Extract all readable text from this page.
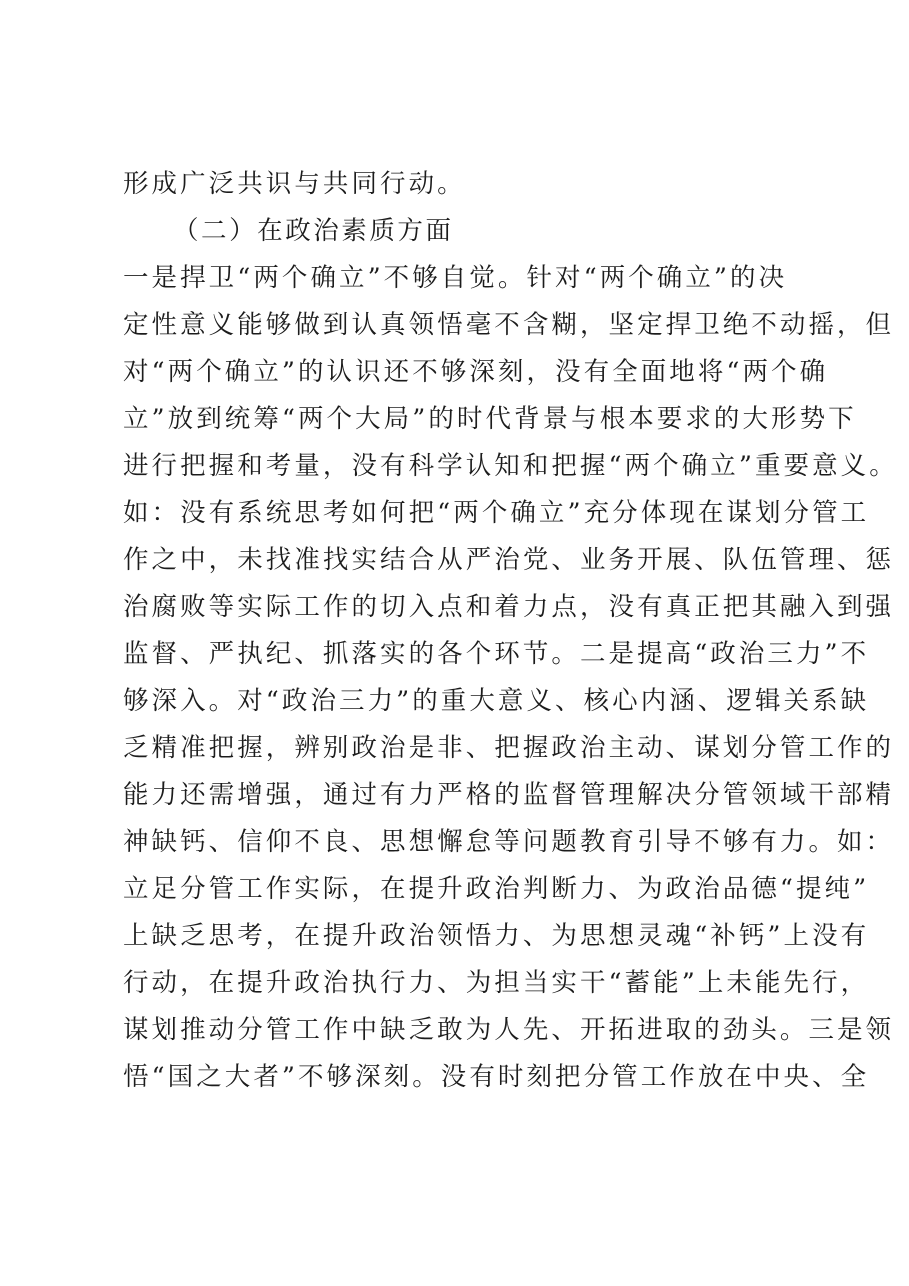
形成广泛共识与共同行动。
（二）在政治素质方面
一是捍卫“两个确立”不够自觉。针对“两个确立”的决
定性意义能够做到认真领悟毫不含糊，坚定捍卫绝不动摇，但
对“两个确立”的认识还不够深刻，没有全面地将“两个确
立”放到统筹“两个大局”的时代背景与根本要求的大形势下
进行把握和考量，没有科学认知和把握“两个确立”重要意义。
如：没有系统思考如何把“两个确立”充分体现在谋划分管工
作之中，未找准找实结合从严治党、业务开展、队伍管理、惩
治腐败等实际工作的切入点和着力点，没有真正把其融入到强
监督、严执纪、抓落实的各个环节。二是提高“政治三力”不
够深入。对“政治三力”的重大意义、核心内涵、逻辑关系缺
乏精准把握，辨别政治是非、把握政治主动、谋划分管工作的
能力还需增强，通过有力严格的监督管理解决分管领域干部精
神缺钙、信仰不良、思想懈怠等问题教育引导不够有力。如：
立足分管工作实际，在提升政治判断力、为政治品德“提纯”
上缺乏思考，在提升政治领悟力、为思想灵魂“补钙”上没有
行动，在提升政治执行力、为担当实干“蓄能”上未能先行，
谋划推动分管工作中缺乏敢为人先、开拓进取的劲头。三是领
悟“国之大者”不够深刻。没有时刻把分管工作放在中央、全
